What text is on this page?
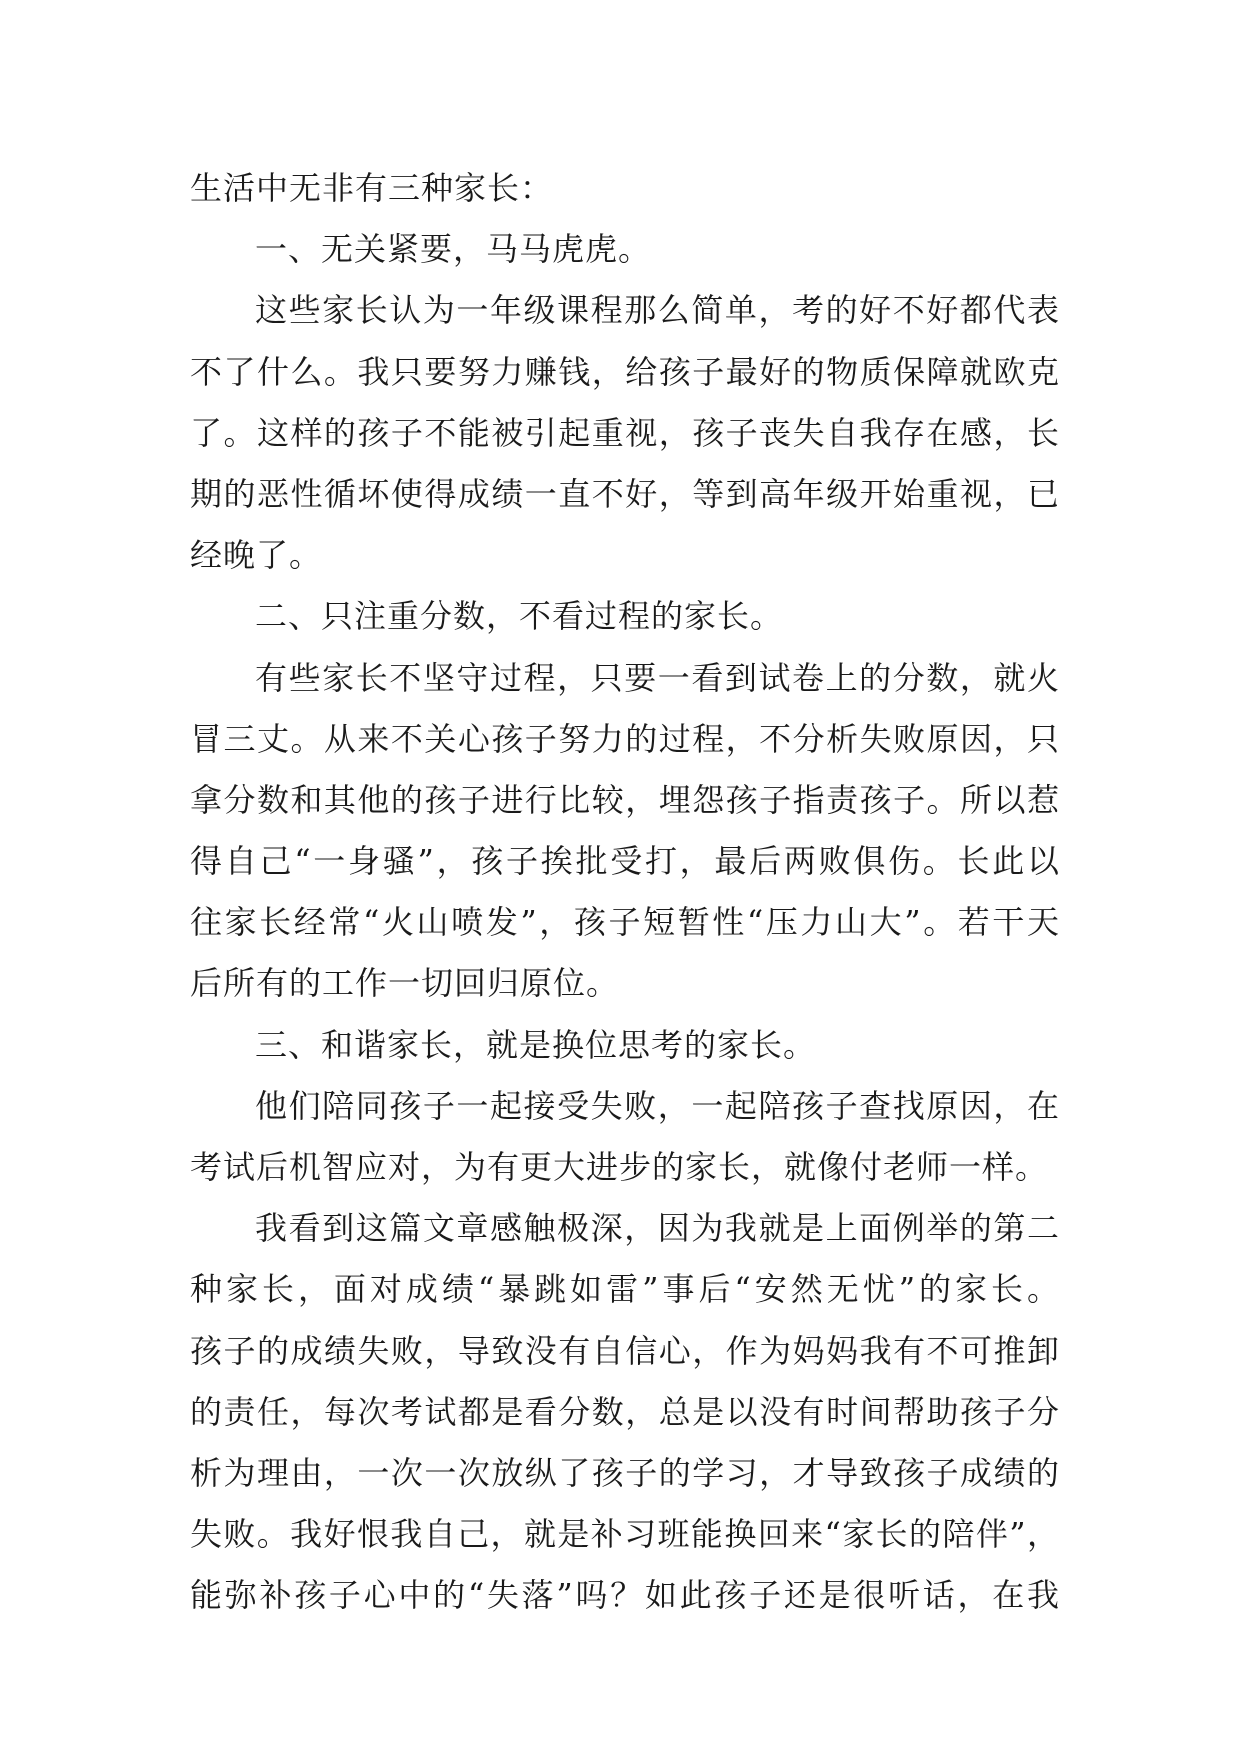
生活中无非有三种家长：
一、无关紧要，马马虎虎。
这些家长认为一年级课程那么简单，考的好不好都代表
不了什么。我只要努力赚钱，给孩子最好的物质保障就欧克
了。这样的孩子不能被引起重视，孩子丧失自我存在感，长
期的恶性循坏使得成绩一直不好，等到高年级开始重视，已
经晚了。
二、只注重分数，不看过程的家长。
有些家长不坚守过程，只要一看到试卷上的分数，就火
冒三丈。从来不关心孩子努力的过程，不分析失败原因，只
拿分数和其他的孩子进行比较，埋怨孩子指责孩子。所以惹
得自己“一身骚”，孩子挨批受打，最后两败俱伤。长此以
往家长经常“火山喷发”，孩子短暂性“压力山大”。若干天
后所有的工作一切回归原位。
三、和谐家长，就是换位思考的家长。
他们陪同孩子一起接受失败，一起陪孩子查找原因，在
考试后机智应对，为有更大进步的家长，就像付老师一样。
我看到这篇文章感触极深，因为我就是上面例举的第二
种家长，面对成绩“暴跳如雷”事后“安然无忧”的家长。
孩子的成绩失败，导致没有自信心，作为妈妈我有不可推卸
的责任，每次考试都是看分数，总是以没有时间帮助孩子分
析为理由，一次一次放纵了孩子的学习，才导致孩子成绩的
失败。我好恨我自己，就是补习班能换回来“家长的陪伴”，
能弥补孩子心中的“失落”吗？如此孩子还是很听话，在我
